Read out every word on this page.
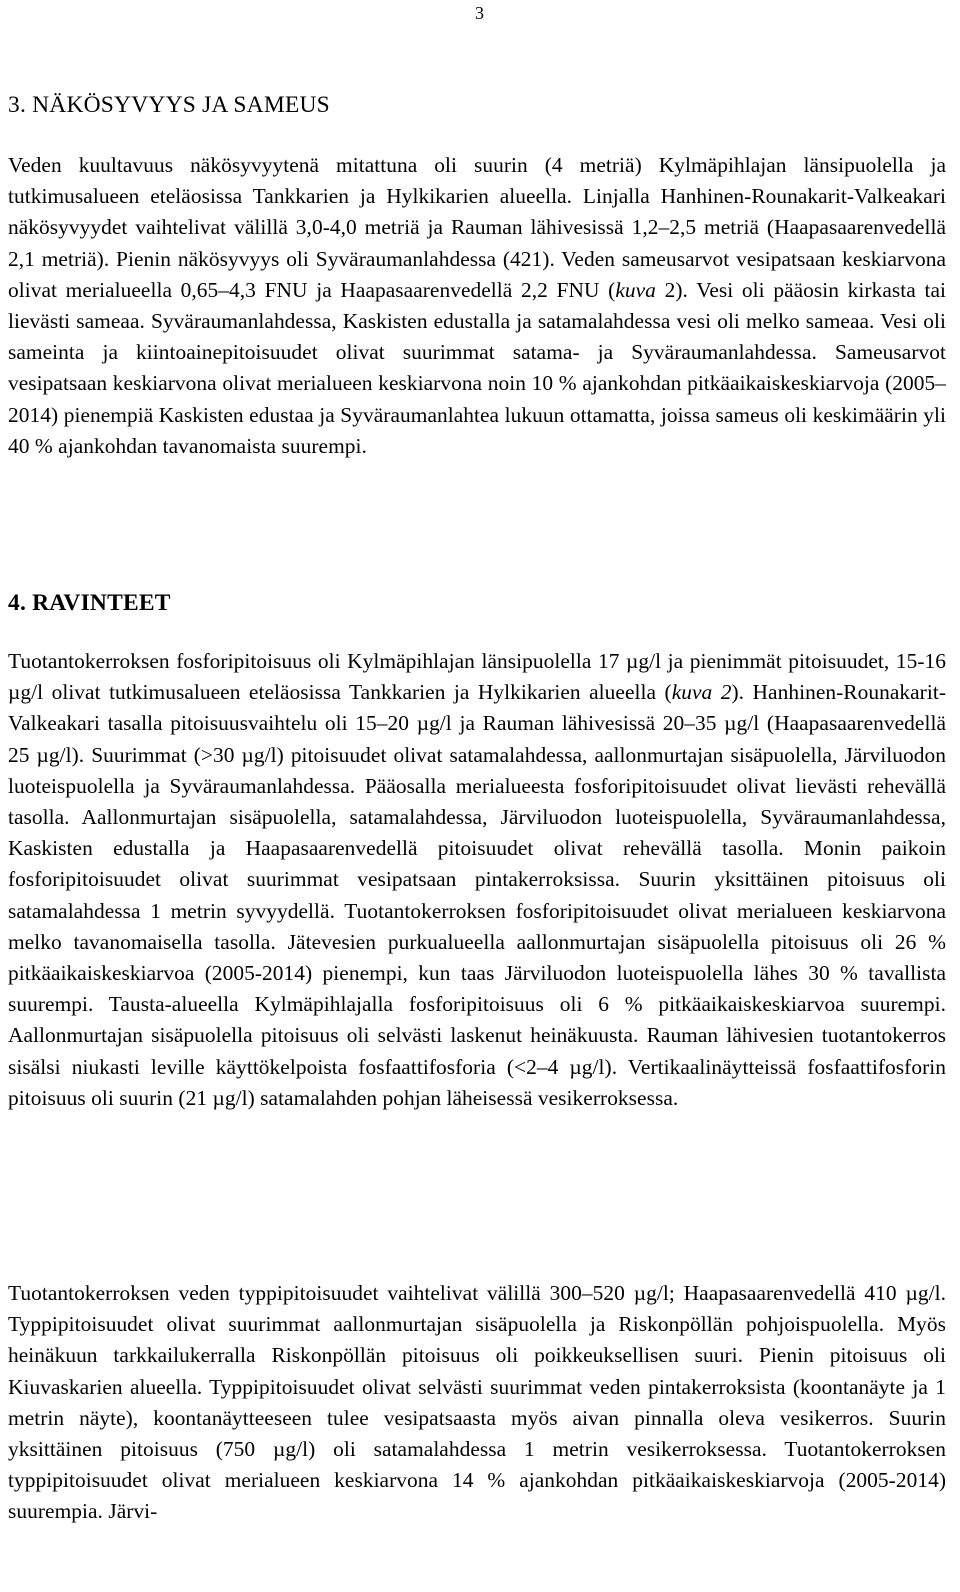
3
3. NÄKÖSYVYYS JA SAMEUS

Veden kuultavuus näkösyvyytenä mitattuna oli suurin (4 metriä) Kylmäpihlajan länsipuolella ja tutkimusalueen eteläosissa Tankkarien ja Hylkikarien alueella. Linjalla Hanhinen-Rounakarit-Valkeakari näkösyvyydet vaihtelivat välillä 3,0-4,0 metriä ja Rauman lähivesissä 1,2–2,5 metriä (Haapasaarenvedellä 2,1 metriä). Pienin näkösyvyys oli Syväraumanlahdessa (421). Veden sameusarvot vesipatsaan keskiarvona olivat merialueella 0,65–4,3 FNU ja Haapasaarenvedellä 2,2 FNU (kuva 2). Vesi oli pääosin kirkasta tai lievästi sameaa. Syväraumanlahdessa, Kaskisten edustalla ja satamalahdessa vesi oli melko sameaa. Vesi oli sameinta ja kiintoainepitoisuudet olivat suurimmat satama- ja Syväraumanlahdessa. Sameusarvot vesipatsaan keskiarvona olivat merialueen keskiarvona noin 10 % ajankohdan pitkäaikaiskeskiarvoja (2005–2014) pienempiä Kaskisten edustaa ja Syväraumanlahtea lukuun ottamatta, joissa sameus oli keskimäärin yli 40 % ajankohdan tavanomaista suurempi.

4. RAVINTEET

Tuotantokerroksen fosforipitoisuus oli Kylmäpihlajan länsipuolella 17 µg/l ja pienimmät pitoisuudet, 15-16 µg/l olivat tutkimusalueen eteläosissa Tankkarien ja Hylkikarien alueella (kuva 2). Hanhinen-Rounakarit-Valkeakari tasalla pitoisuusvaihtelu oli 15–20 µg/l ja Rauman lähivesissä 20–35 µg/l (Haapasaarenvedellä 25 µg/l). Suurimmat (>30 µg/l) pitoisuudet olivat satamalahdessa, aallonmurtajan sisäpuolella, Järviluodon luoteispuolella ja Syväraumanlahdessa. Pääosalla merialueesta fosforipitoisuudet olivat lievästi rehevällä tasolla. Aallonmurtajan sisäpuolella, satamalahdessa, Järviluodon luoteispuolella, Syväraumanlahdessa, Kaskisten edustalla ja Haapasaarenvedellä pitoisuudet olivat rehevällä tasolla. Monin paikoin fosforipitoisuudet olivat suurimmat vesipatsaan pintakerroksissa. Suurin yksittäinen pitoisuus oli satamalahdessa 1 metrin syvyydellä. Tuotantokerroksen fosforipitoisuudet olivat merialueen keskiarvona melko tavanomaisella tasolla. Jätevesien purkualueella aallonmurtajan sisäpuolella pitoisuus oli 26 % pitkäaikaiskeskiarvoa (2005-2014) pienempi, kun taas Järviluodon luoteispuolella lähes 30 % tavallista suurempi. Tausta-alueella Kylmäpihlajalla fosforipitoisuus oli 6 % pitkäaikaiskeskiarvoa suurempi. Aallonmurtajan sisäpuolella pitoisuus oli selvästi laskenut heinäkuusta. Rauman lähivesien tuotantokerros sisälsi niukasti leville käyttökelpoista fosfaattifosforia (<2–4 µg/l). Vertikaalinäytteissä fosfaattifosforin pitoisuus oli suurin (21 µg/l) satamalahden pohjan läheisessä vesikerroksessa.

Tuotantokerroksen veden typpipitoisuudet vaihtelivat välillä 300–520 µg/l; Haapasaarenvedellä 410 µg/l. Typpipitoisuudet olivat suurimmat aallonmurtajan sisäpuolella ja Riskonpöllän pohjoispuolella. Myös heinäkuun tarkkailukerralla Riskonpöllän pitoisuus oli poikkeuksellisen suuri. Pienin pitoisuus oli Kiuvaskarien alueella. Typpipitoisuudet olivat selvästi suurimmat veden pintakerroksista (koontanäyte ja 1 metrin näyte), koontanäytteeseen tulee vesipatsaasta myös aivan pinnalla oleva vesikerros. Suurin yksittäinen pitoisuus (750 µg/l) oli satamalahdessa 1 metrin vesikerroksessa. Tuotantokerroksen typpipitoisuudet olivat merialueen keskiarvona 14 % ajankohdan pitkäaikaiskeskiarvoja (2005-2014) suurempia. Järvi-
